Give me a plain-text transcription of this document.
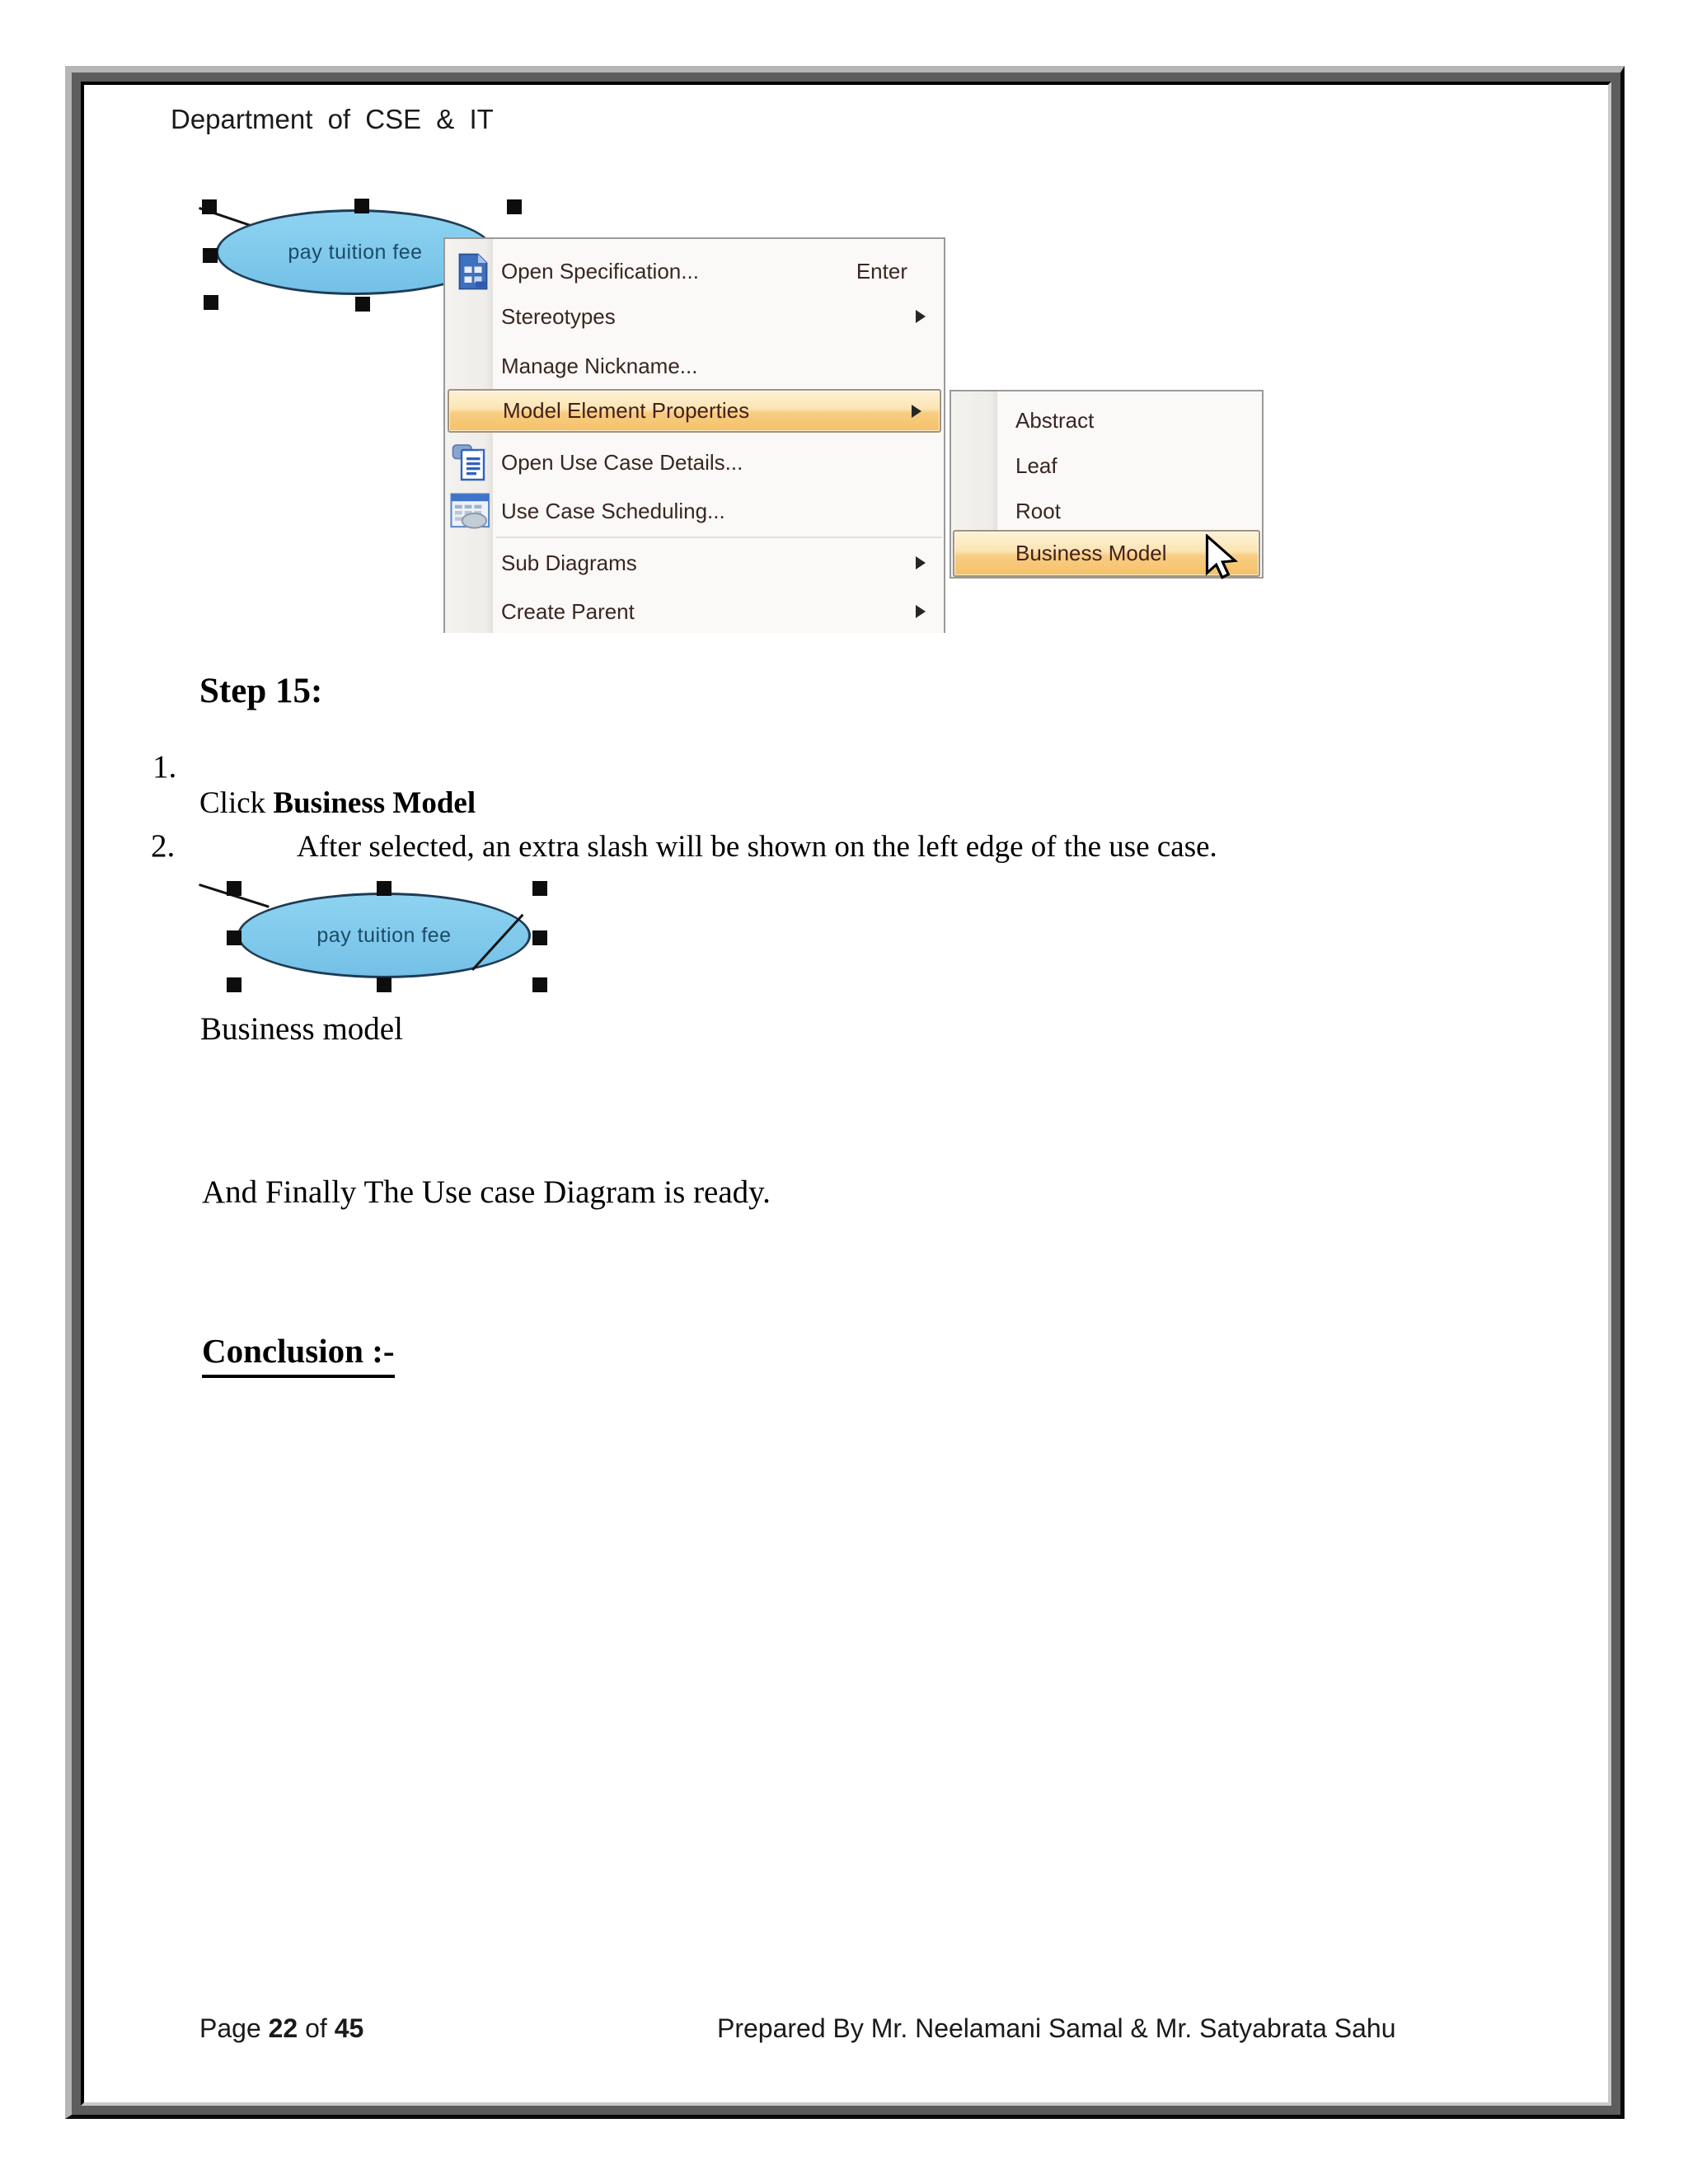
Department of CSE & IT
pay tuition fee
Open Specification...	Enter
Stereotypes
Manage Nickname...
Model Element Properties
Open Use Case Details...
Use Case Scheduling...
Sub Diagrams
Create Parent
Abstract
Leaf
Root
Business Model
Step 15:
1.
Click Business Model
2.	After selected, an extra slash will be shown on the left edge of the use case.
pay tuition fee
Business model
And Finally The Use case Diagram is ready.
Conclusion :-
Page 22 of 45	Prepared By Mr. Neelamani Samal & Mr. Satyabrata Sahu
